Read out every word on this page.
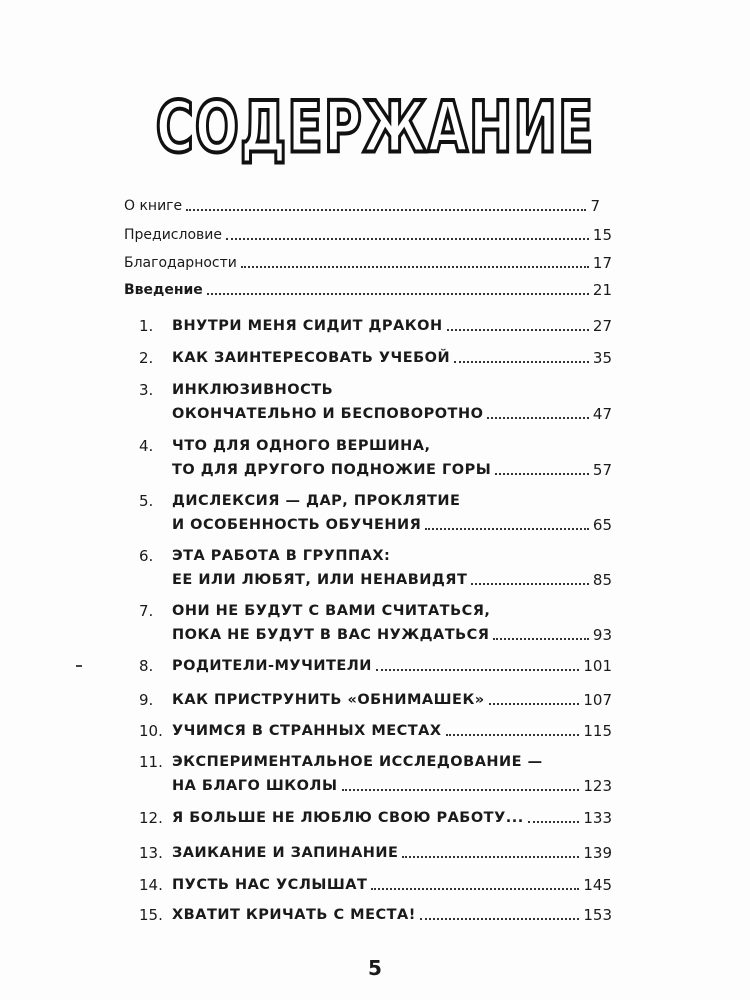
СОДЕРЖАНИЕ
О книге	7
Предисловие	15
Благодарности	17
Введение	21
1.	ВНУТРИ МЕНЯ СИДИТ ДРАКОН	27
2.	КАК ЗАИНТЕРЕСОВАТЬ УЧЕБОЙ	35
3.	ИНКЛЮЗИВНОСТЬ
ОКОНЧАТЕЛЬНО И БЕСПОВОРОТНО	47
4.	ЧТО ДЛЯ ОДНОГО ВЕРШИНА,
ТО ДЛЯ ДРУГОГО ПОДНОЖИЕ ГОРЫ	57
5.	ДИСЛЕКСИЯ — ДАР, ПРОКЛЯТИЕ
И ОСОБЕННОСТЬ ОБУЧЕНИЯ	65
6.	ЭТА РАБОТА В ГРУППАХ:
ЕЕ ИЛИ ЛЮБЯТ, ИЛИ НЕНАВИДЯТ	85
7.	ОНИ НЕ БУДУТ С ВАМИ СЧИТАТЬСЯ,
ПОКА НЕ БУДУТ В ВАС НУЖДАТЬСЯ	93
8.	РОДИТЕЛИ-МУЧИТЕЛИ	101
9.	КАК ПРИСТРУНИТЬ «ОБНИМАШЕК»	107
10. УЧИМСЯ В СТРАННЫХ МЕСТАХ	115
11. ЭКСПЕРИМЕНТАЛЬНОЕ ИССЛЕДОВАНИЕ —
НА БЛАГО ШКОЛЫ	123
12. Я БОЛЬШЕ НЕ ЛЮБЛЮ СВОЮ РАБОТУ...	133
13. ЗАИКАНИЕ И ЗАПИНАНИЕ	139
14. ПУСТЬ НАС УСЛЫШАТ	145
15. ХВАТИТ КРИЧАТЬ С МЕСТА!	153
5
